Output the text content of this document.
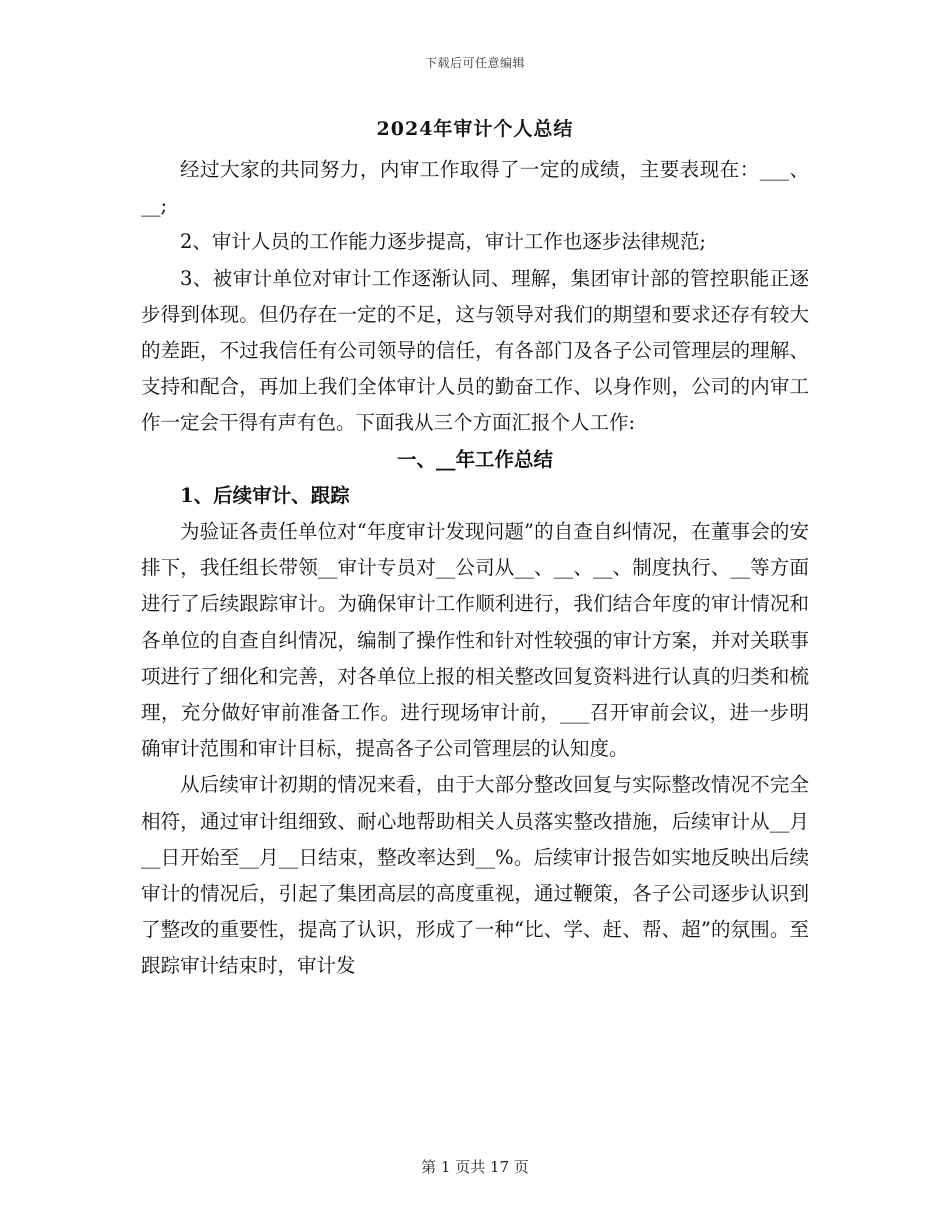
下载后可任意编辑
2024年审计个人总结

经过大家的共同努力，内审工作取得了一定的成绩，主要表现在：___、__;

2、审计人员的工作能力逐步提高，审计工作也逐步法律规范;

3、被审计单位对审计工作逐渐认同、理解，集团审计部的管控职能正逐步得到体现。但仍存在一定的不足，这与领导对我们的期望和要求还存有较大的差距，不过我信任有公司领导的信任，有各部门及各子公司管理层的理解、支持和配合，再加上我们全体审计人员的勤奋工作、以身作则，公司的内审工作一定会干得有声有色。下面我从三个方面汇报个人工作:

一、__年工作总结

1、后续审计、跟踪

为验证各责任单位对“年度审计发现问题”的自查自纠情况，在董事会的安排下，我任组长带领__审计专员对__公司从__、__、__、制度执行、__等方面进行了后续跟踪审计。为确保审计工作顺利进行，我们结合年度的审计情况和各单位的自查自纠情况，编制了操作性和针对性较强的审计方案，并对关联事项进行了细化和完善，对各单位上报的相关整改回复资料进行认真的归类和梳理，充分做好审前准备工作。进行现场审计前，___召开审前会议，进一步明确审计范围和审计目标，提高各子公司管理层的认知度。

从后续审计初期的情况来看，由于大部分整改回复与实际整改情况不完全相符，通过审计组细致、耐心地帮助相关人员落实整改措施，后续审计从__月__日开始至__月__日结束，整改率达到__%。后续审计报告如实地反映出后续审计的情况后，引起了集团高层的高度重视，通过鞭策，各子公司逐步认识到了整改的重要性，提高了认识，形成了一种“比、学、赶、帮、超”的氛围。至跟踪审计结束时，审计发

第 1 页共 17 页
